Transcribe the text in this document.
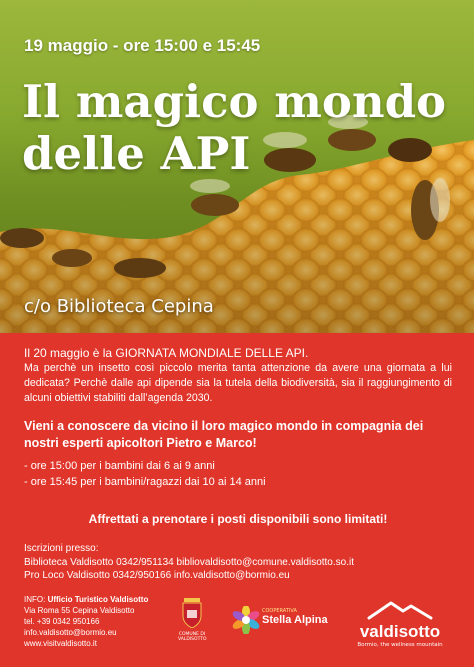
19 maggio - ore 15:00 e 15:45
Il magico mondo
delle API
c/o Biblioteca Cepina

Il 20 maggio è la GIORNATA MONDIALE DELLE API.

Ma perchè un insetto così piccolo merita tanta attenzione da avere una giornata a lui dedicata? Perchè dalle api dipende sia la tutela della biodiversità, sia il raggiungimento di alcuni obiettivi stabiliti dall’agenda 2030.

Vieni a conoscere da vicino il loro magico mondo in compagnia dei nostri esperti apicoltori Pietro e Marco!

- ore 15:00 per i bambini dai 6 ai 9 anni

- ore 15:45 per i bambini/ragazzi dai 10 ai 14 anni

Affrettati a prenotare i posti disponibili sono limitati!

Iscrizioni presso:

Biblioteca Valdisotto 0342/951134 bibliovaldisotto@comune.valdisotto.so.it

Pro Loco Valdisotto 0342/950166 info.valdisotto@bormio.eu

INFO: Ufficio Turistico Valdisotto
Via Roma 55 Cepina Valdisotto
tel. +39 0342 950166
info.valdisotto@bormio.eu
www.visitvaldisotto.it
COMUNE DI
VALDISOTTO
COOPERATIVA
Stella Alpina
valdisotto
Bormio, the wellness mountain
